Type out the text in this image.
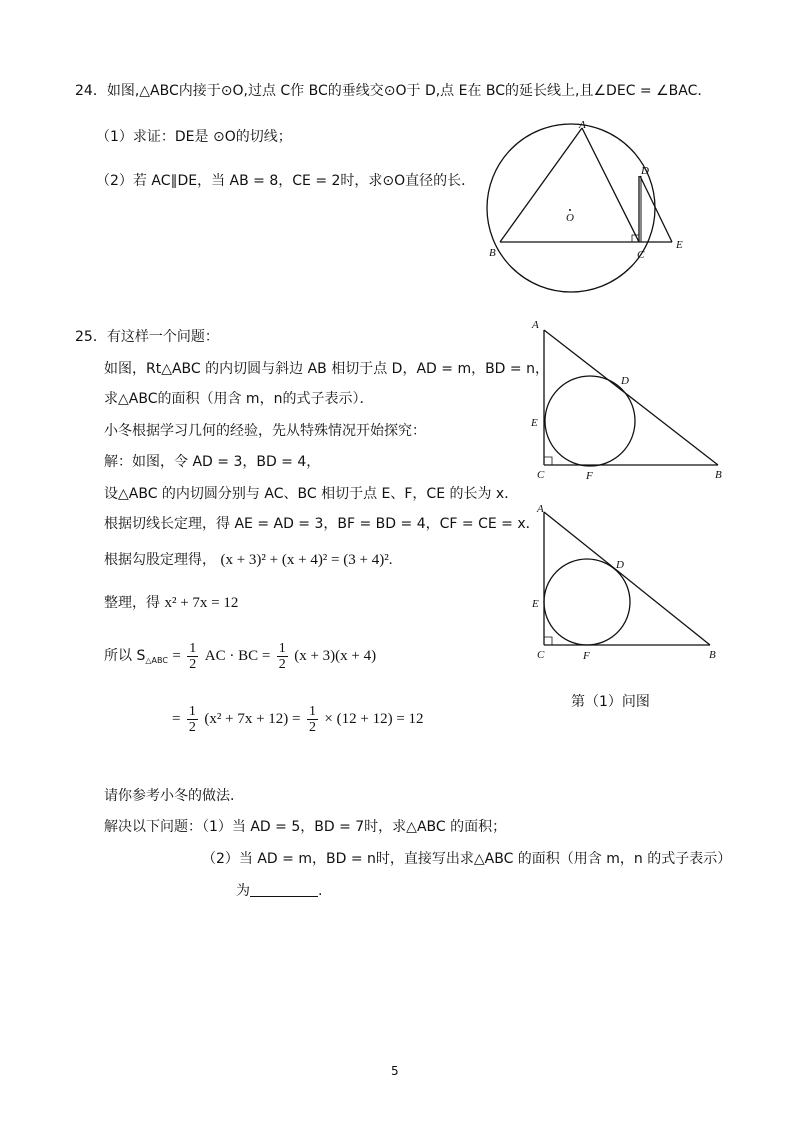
24．如图,△ABC内接于⊙O,过点 C作 BC的垂线交⊙O于 D,点 E在 BC的延长线上,且∠DEC = ∠BAC.
（1）求证：DE是 ⊙O的切线；
（2）若 AC∥DE，当 AB = 8，CE = 2时，求⊙O直径的长．
A
D
O
B	C
E
25．有这样一个问题：
如图，Rt△ABC 的内切圆与斜边 AB 相切于点 D，AD = m，BD = n，
求△ABC的面积（用含 m，n的式子表示）．
小冬根据学习几何的经验，先从特殊情况开始探究：
解：如图，令 AD = 3，BD = 4，
设△ABC 的内切圆分别与 AC、BC 相切于点 E、F，CE 的长为 x．
根据切线长定理，得 AE = AD = 3，BF = BD = 4，CF = CE = x．
根据勾股定理得， (x + 3)² + (x + 4)² = (3 + 4)².
整理，得 x² + 7x = 12
所以 $S_{\triangle ABC} = \frac{1}{2}$ AC · BC = $\frac{1}{2} (x + 3)(x + 4)$
= $\frac{1}{2} (x^2 + 7x + 12) = \frac{1}{2} \times (12 + 12) = 12$
请你参考小冬的做法.
解决以下问题：（1）当 AD = 5，BD = 7时，求△ABC 的面积；
（2）当 AD = m，BD = n时，直接写出求△ABC 的面积（用含 m，n 的式子表示）
为	.
A
D
E
C	F	B
A
D
E
C	F	B
第（1）问图
5
